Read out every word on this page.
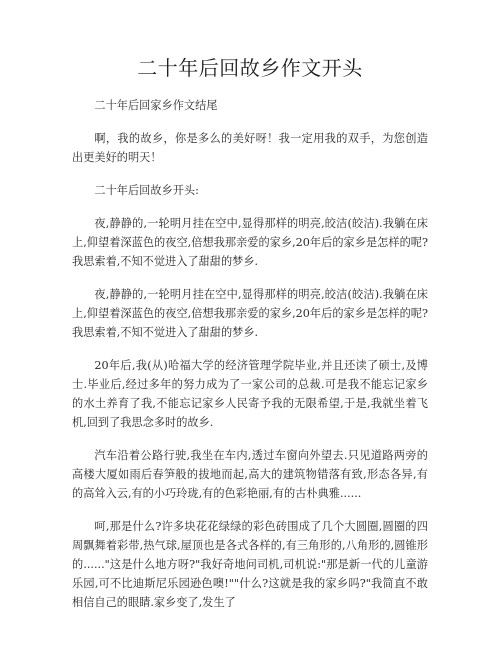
二十年后回故乡作文开头

二十年后回家乡作文结尾

啊，我的故乡，你是多么的美好呀！我一定用我的双手，为您创造出更美好的明天！

二十年后回故乡开头:

夜,静静的,一轮明月挂在空中,显得那样的明亮,皎洁(皎洁).我躺在床上,仰望着深蓝色的夜空,倍想我那亲爱的家乡,20年后的家乡是怎样的呢?我思索着,不知不觉进入了甜甜的梦乡.

夜,静静的,一轮明月挂在空中,显得那样的明亮,皎洁(皎洁).我躺在床上,仰望着深蓝色的夜空,倍想我那亲爱的家乡,20年后的家乡是怎样的呢?我思索着,不知不觉进入了甜甜的梦乡.

20年后,我(从)哈福大学的经济管理学院毕业,并且还读了硕士,及博士.毕业后,经过多年的努力成为了一家公司的总裁.可是我不能忘记家乡的水土养育了我,不能忘记家乡人民寄予我的无限希望,于是,我就坐着飞机,回到了我思念多时的故乡.

汽车沿着公路行驶,我坐在车内,透过车窗向外望去.只见道路两旁的高楼大厦如雨后春笋般的拔地而起,高大的建筑物错落有致,形态各异,有的高耸入云,有的小巧玲珑,有的色彩艳丽,有的古朴典雅......

呵,那是什么?许多块花花绿绿的彩色砖围成了几个大圆圈,圆圈的四周飘舞着彩带,热气球,屋顶也是各式各样的,有三角形的,八角形的,圆锥形的......"这是什么地方呀?"我好奇地问司机,司机说:"那是新一代的儿童游乐园,可不比迪斯尼乐园逊色噢!""什么?这就是我的家乡吗?"我简直不敢相信自己的眼睛.家乡变了,发生了
